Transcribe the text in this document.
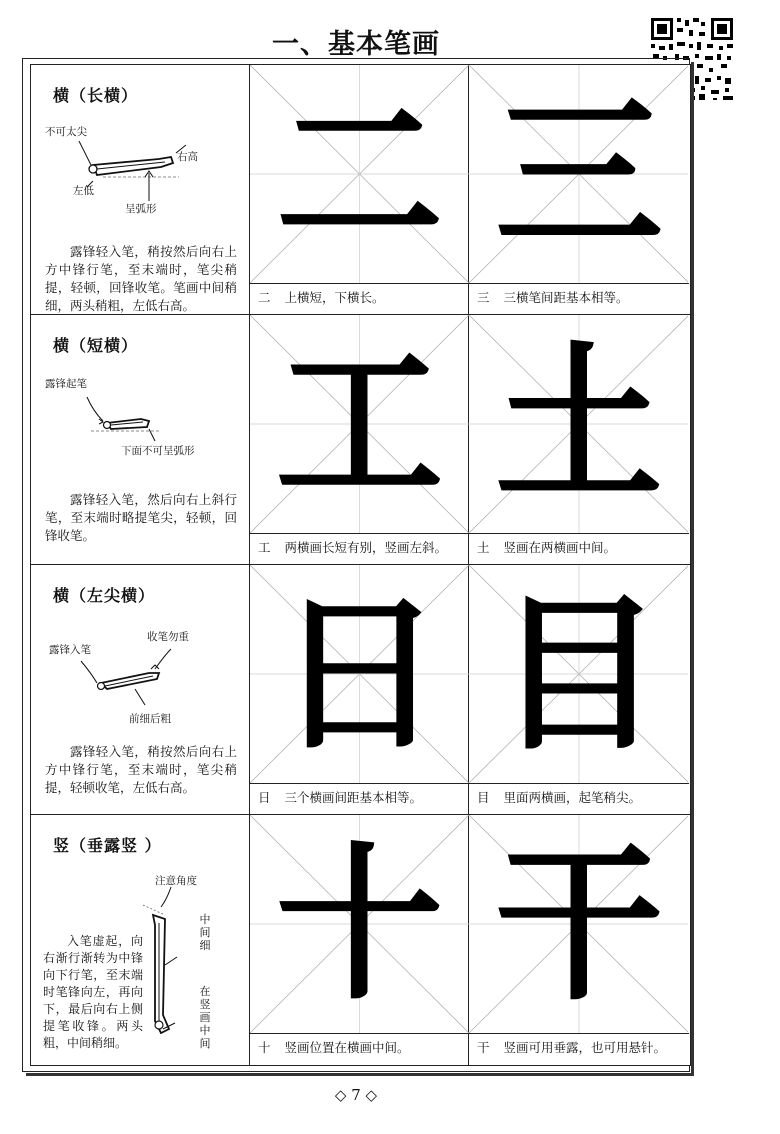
一、基本笔画
横（长横）
不可太尖
右高
左低
呈弧形
露锋轻入笔，稍按然后向右上方中锋行笔，至末端时，笔尖稍提，轻顿，回锋收笔。笔画中间稍细，两头稍粗，左低右高。
二
二 上横短，下横长。
三
三 三横笔间距基本相等。
横（短横）
露锋起笔
下面不可呈弧形
露锋轻入笔，然后向右上斜行笔，至末端时略提笔尖，轻顿，回锋收笔。
工
工 两横画长短有别，竖画左斜。
土
土 竖画在两横画中间。
横（左尖横）
收笔勿重
露锋入笔
前细后粗
露锋轻入笔，稍按然后向右上方中锋行笔，至末端时，笔尖稍提，轻顿收笔，左低右高。
日
日 三个横画间距基本相等。
目
目 里面两横画，起笔稍尖。
竖（垂露竖 ）
注意角度
中间细
在竖画中间
入笔虚起，向右渐行渐转为中锋向下行笔，至末端时笔锋向左，再向下，最后向右上侧提笔收锋。两头粗，中间稍细。
十
十 竖画位置在横画中间。
干
干 竖画可用垂露，也可用悬针。
◇ 7 ◇
